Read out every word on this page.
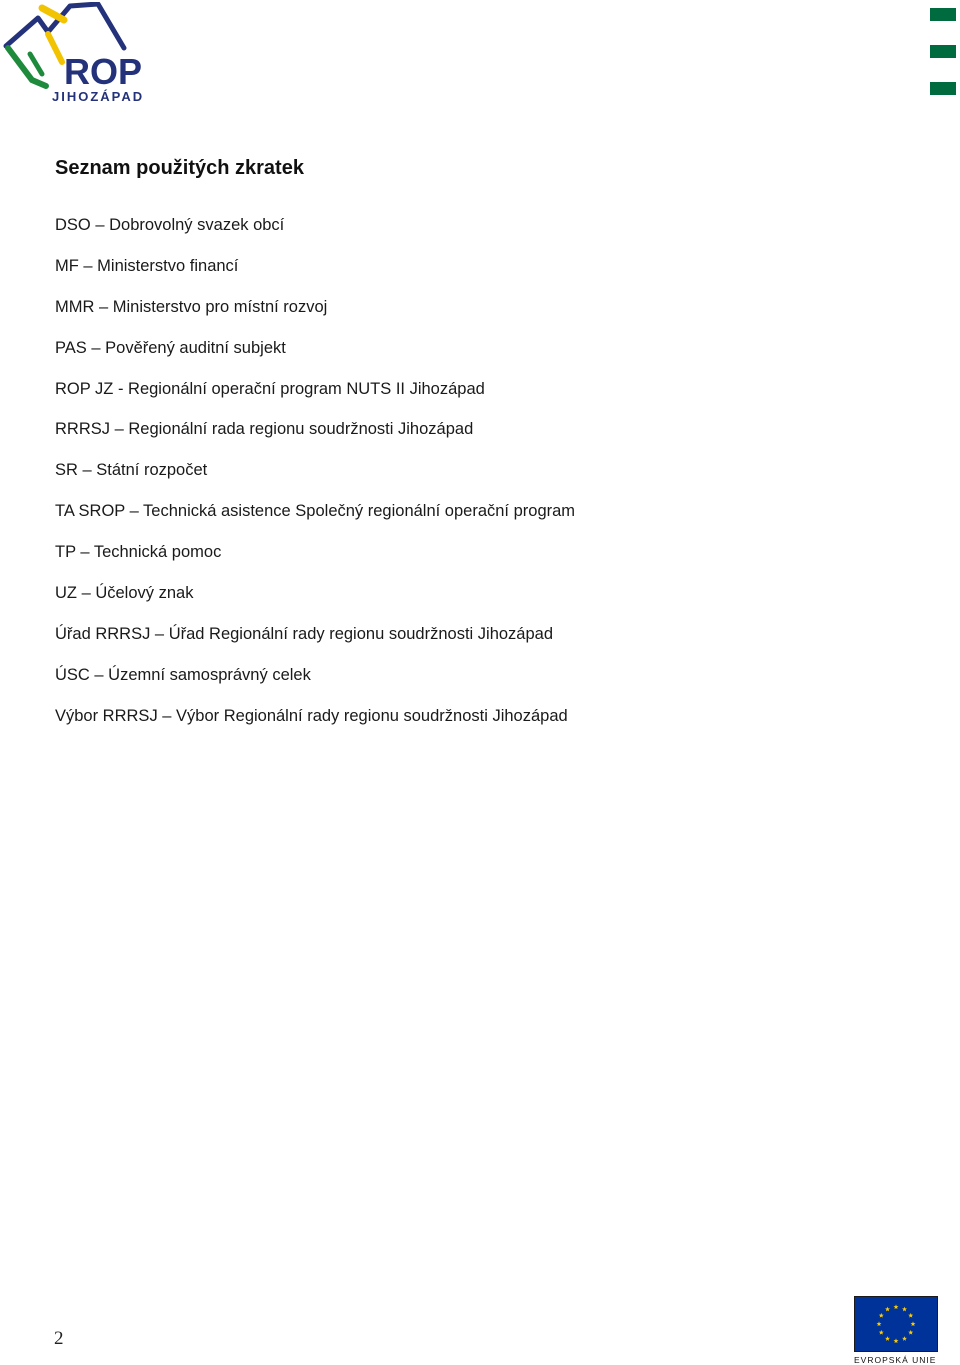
ROP
JIHOZÁPAD
Seznam použitých zkratek
DSO – Dobrovolný svazek obcí
MF – Ministerstvo financí
MMR – Ministerstvo pro místní rozvoj
PAS – Pověřený auditní subjekt
ROP JZ - Regionální operační program NUTS II Jihozápad
RRRSJ – Regionální rada regionu soudržnosti Jihozápad
SR – Státní rozpočet
TA SROP – Technická asistence Společný regionální operační program
TP – Technická pomoc
UZ – Účelový znak
Úřad RRRSJ – Úřad Regionální rady regionu soudržnosti Jihozápad
ÚSC – Územní samosprávný celek
Výbor RRRSJ – Výbor Regionální rady regionu soudržnosti Jihozápad
2
EVROPSKÁ UNIE
